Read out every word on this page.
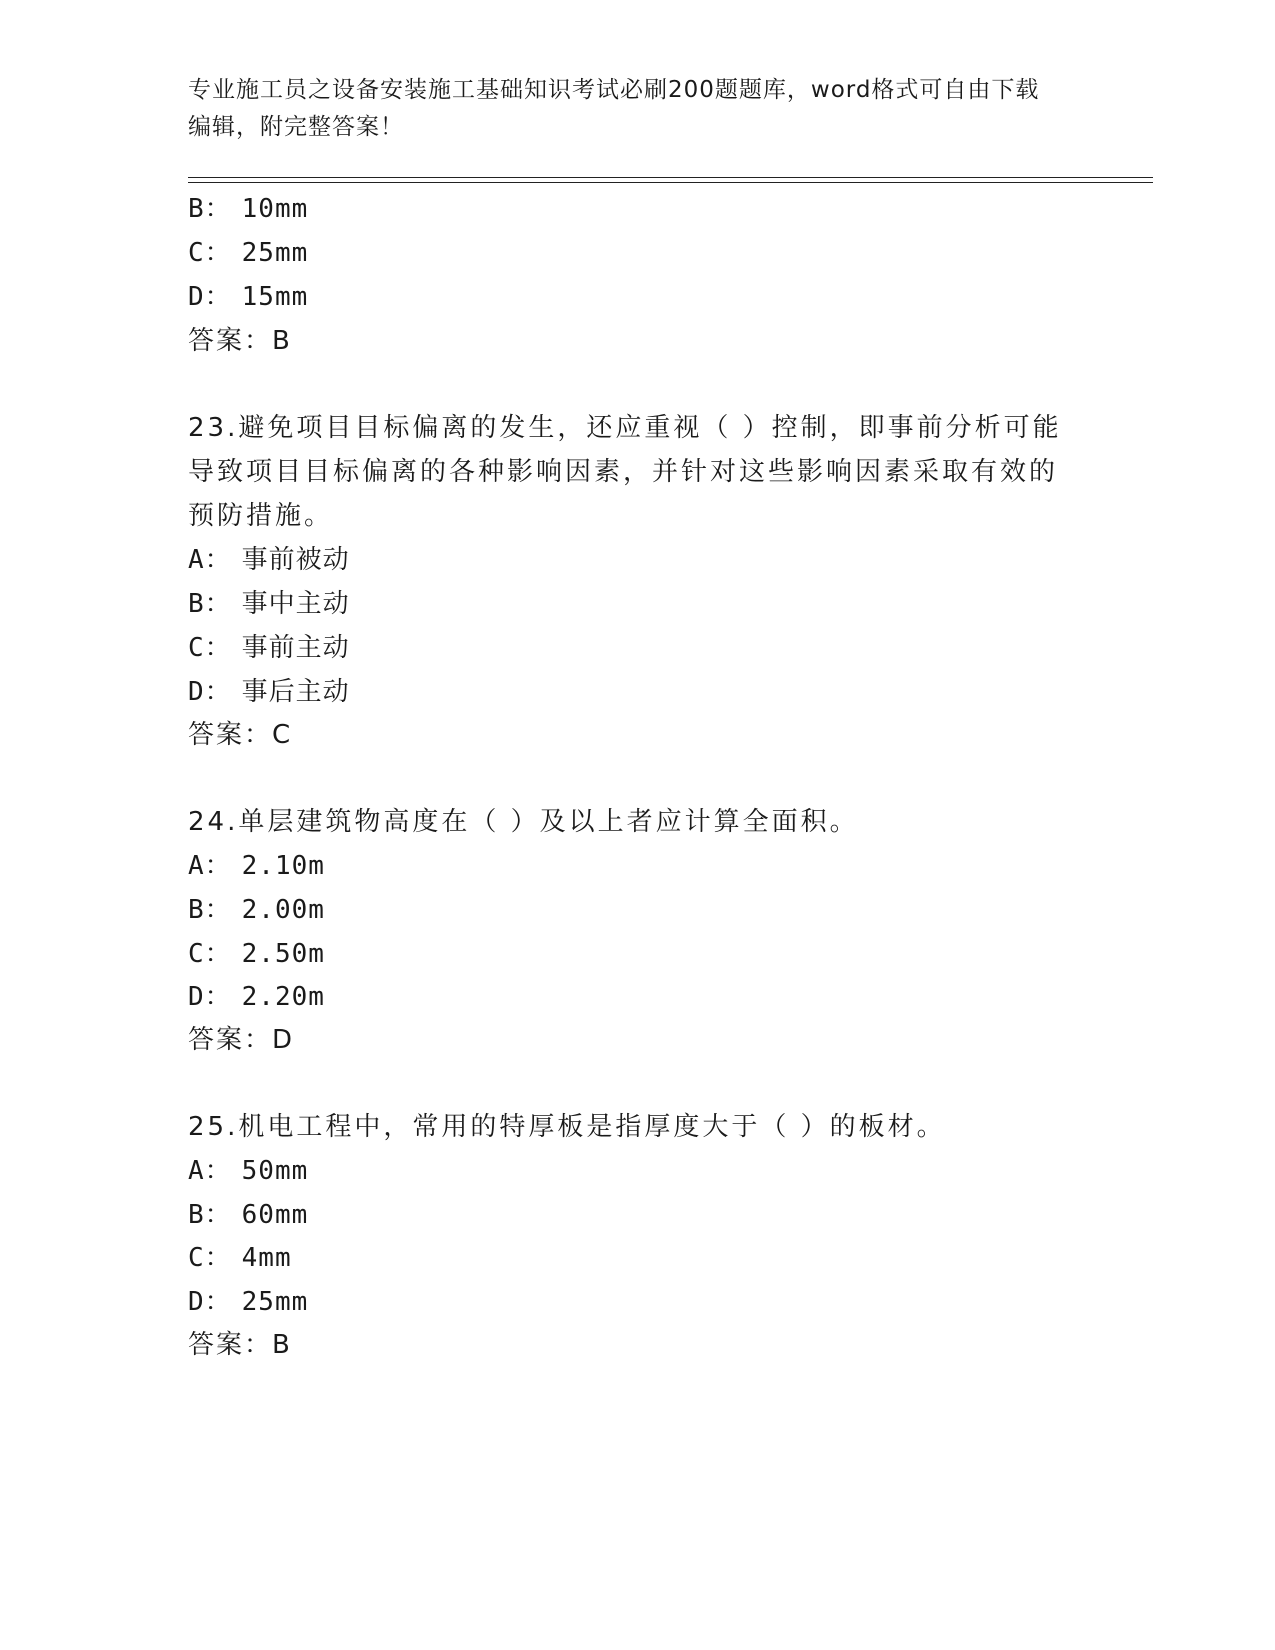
专业施工员之设备安装施工基础知识考试必刷200题题库，word格式可自由下载
编辑，附完整答案！
B： 10mm
C： 25mm
D： 15mm
答案：B
23.避免项目目标偏离的发生，还应重视（ ）控制，即事前分析可能
导致项目目标偏离的各种影响因素，并针对这些影响因素采取有效的
预防措施。
A： 事前被动
B： 事中主动
C： 事前主动
D： 事后主动
答案：C
24.单层建筑物高度在（ ）及以上者应计算全面积。
A： 2.10m
B： 2.00m
C： 2.50m
D： 2.20m
答案：D
25.机电工程中，常用的特厚板是指厚度大于（ ）的板材。
A： 50mm
B： 60mm
C： 4mm
D： 25mm
答案：B
